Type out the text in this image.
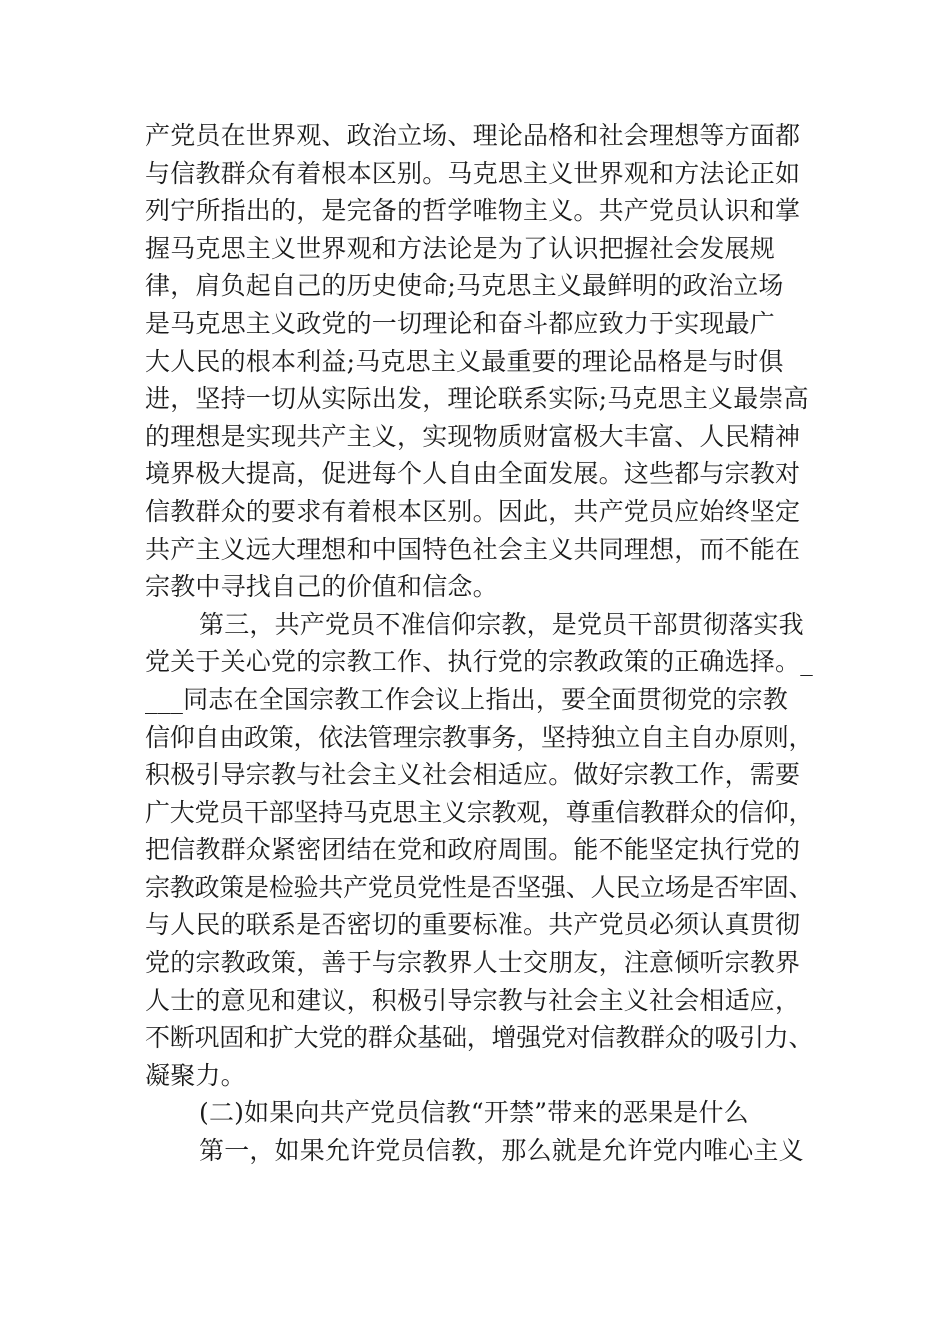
产党员在世界观、政治立场、理论品格和社会理想等方面都
与信教群众有着根本区别。马克思主义世界观和方法论正如
列宁所指出的，是完备的哲学唯物主义。共产党员认识和掌
握马克思主义世界观和方法论是为了认识把握社会发展规
律，肩负起自己的历史使命;马克思主义最鲜明的政治立场
是马克思主义政党的一切理论和奋斗都应致力于实现最广
大人民的根本利益;马克思主义最重要的理论品格是与时俱
进，坚持一切从实际出发，理论联系实际;马克思主义最崇高
的理想是实现共产主义，实现物质财富极大丰富、人民精神
境界极大提高，促进每个人自由全面发展。这些都与宗教对
信教群众的要求有着根本区别。因此，共产党员应始终坚定
共产主义远大理想和中国特色社会主义共同理想，而不能在
宗教中寻找自己的价值和信念。
第三，共产党员不准信仰宗教，是党员干部贯彻落实我
党关于关心党的宗教工作、执行党的宗教政策的正确选择。_
___同志在全国宗教工作会议上指出，要全面贯彻党的宗教
信仰自由政策，依法管理宗教事务，坚持独立自主自办原则，
积极引导宗教与社会主义社会相适应。做好宗教工作，需要
广大党员干部坚持马克思主义宗教观，尊重信教群众的信仰，
把信教群众紧密团结在党和政府周围。能不能坚定执行党的
宗教政策是检验共产党员党性是否坚强、人民立场是否牢固、
与人民的联系是否密切的重要标准。共产党员必须认真贯彻
党的宗教政策，善于与宗教界人士交朋友，注意倾听宗教界
人士的意见和建议，积极引导宗教与社会主义社会相适应，
不断巩固和扩大党的群众基础，增强党对信教群众的吸引力、
凝聚力。
(二)如果向共产党员信教“开禁”带来的恶果是什么
第一，如果允许党员信教，那么就是允许党内唯心主义
